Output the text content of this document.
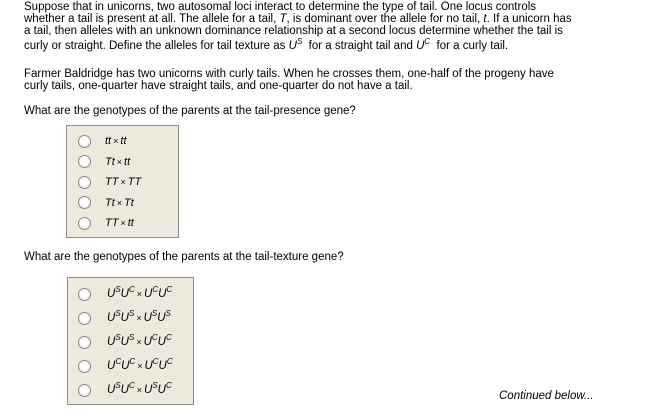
Suppose that in unicorns, two autosomal loci interact to determine the type of tail. One locus controls
whether a tail is present at all. The allele for a tail, T, is dominant over the allele for no tail, t. If a unicorn has
a tail, then alleles with an unknown dominance relationship at a second locus determine whether the tail is
curly or straight. Define the alleles for tail texture as $U^S$  for a straight tail and $U^C$  for a curly tail.
Farmer Baldridge has two unicorns with curly tails. When he crosses them, one-half of the progeny have
curly tails, one-quarter have straight tails, and one-quarter do not have a tail.
What are the genotypes of the parents at the tail-presence gene?
tt × tt
Tt × tt
TT × TT
Tt × Tt
TT × tt
What are the genotypes of the parents at the tail-texture gene?
$U^SU^C \times U^CU^C$
$U^SU^S \times U^SU^S$
$U^SU^S \times U^CU^C$
$U^CU^C \times U^CU^C$
$U^SU^C \times U^SU^C$
Continued below...
